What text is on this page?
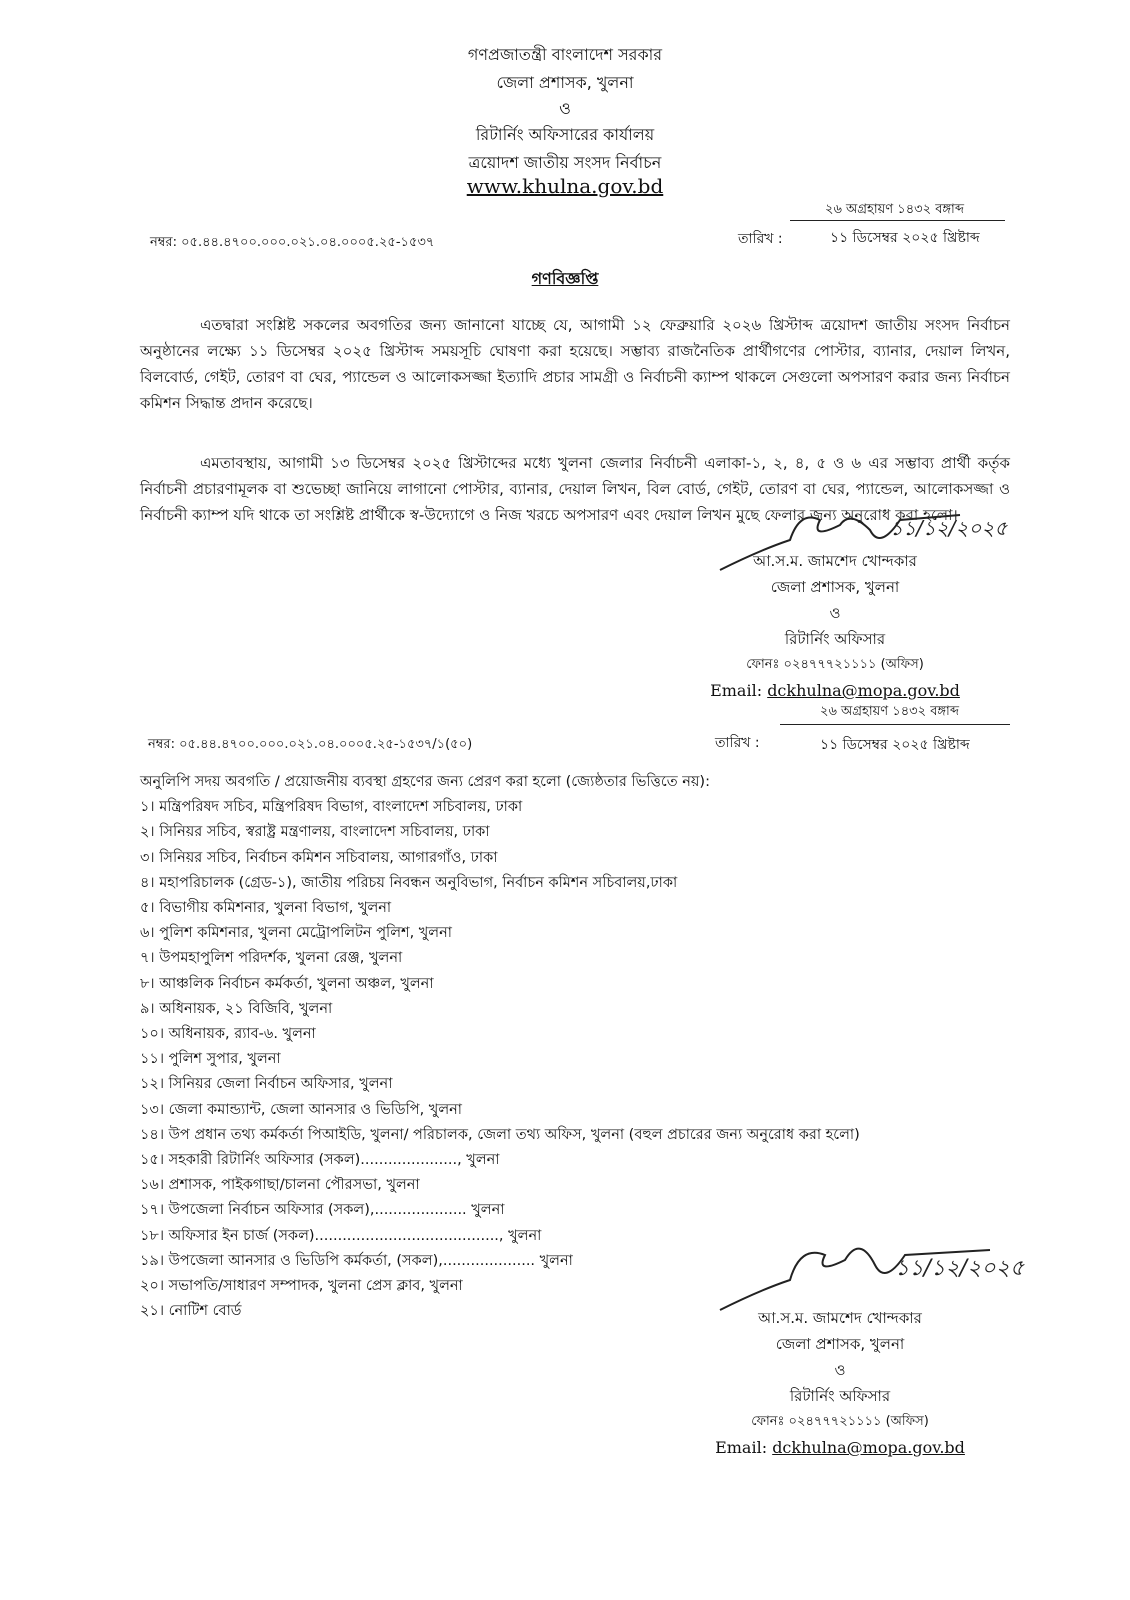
গণপ্রজাতন্ত্রী বাংলাদেশ সরকার
জেলা প্রশাসক, খুলনা
ও
রিটার্নিং অফিসারের কার্যালয়
ত্রয়োদশ জাতীয় সংসদ নির্বাচন
www.khulna.gov.bd
২৬ অগ্রহায়ণ ১৪৩২ বঙ্গাব্দ
নম্বর: ০৫.৪৪.৪৭০০.০০০.০২১.০৪.০০০৫.২৫-১৫৩৭	তারিখ :	১১ ডিসেম্বর ২০২৫ খ্রিষ্টাব্দ
গণবিজ্ঞপ্তি
এতদ্বারা সংশ্লিষ্ট সকলের অবগতির জন্য জানানো যাচ্ছে যে, আগামী ১২ ফেব্রুয়ারি ২০২৬ খ্রিস্টাব্দ ত্রয়োদশ জাতীয় সংসদ নির্বাচন অনুষ্ঠানের লক্ষ্যে ১১ ডিসেম্বর ২০২৫ খ্রিস্টাব্দ সময়সূচি ঘোষণা করা হয়েছে। সম্ভাব্য রাজনৈতিক প্রার্থীগণের পোস্টার, ব্যানার, দেয়াল লিখন, বিলবোর্ড, গেইট, তোরণ বা ঘের, প্যান্ডেল ও আলোকসজ্জা ইত্যাদি প্রচার সামগ্রী ও নির্বাচনী ক্যাম্প থাকলে সেগুলো অপসারণ করার জন্য নির্বাচন কমিশন সিদ্ধান্ত প্রদান করেছে।
এমতাবস্থায়, আগামী ১৩ ডিসেম্বর ২০২৫ খ্রিস্টাব্দের মধ্যে খুলনা জেলার নির্বাচনী এলাকা-১, ২, ৪, ৫ ও ৬ এর সম্ভাব্য প্রার্থী কর্তৃক নির্বাচনী প্রচারণামূলক বা শুভেচ্ছা জানিয়ে লাগানো পোস্টার, ব্যানার, দেয়াল লিখন, বিল বোর্ড, গেইট, তোরণ বা ঘের, প্যান্ডেল, আলোকসজ্জা ও নির্বাচনী ক্যাম্প যদি থাকে তা সংশ্লিষ্ট প্রার্থীকে স্ব-উদ্যোগে ও নিজ খরচে অপসারণ এবং দেয়াল লিখন মুছে ফেলার জন্য অনুরোধ করা হলো।
১১/১২/২০২৫
আ.স.ম. জামশেদ খোন্দকার
জেলা প্রশাসক, খুলনা
ও
রিটার্নিং অফিসার
ফোনঃ ০২৪৭৭৭২১১১১ (অফিস)
Email: dckhulna@mopa.gov.bd
২৬ অগ্রহায়ণ ১৪৩২ বঙ্গাব্দ
নম্বর: ০৫.৪৪.৪৭০০.০০০.০২১.০৪.০০০৫.২৫-১৫৩৭/১(৫০)	তারিখ :	১১ ডিসেম্বর ২০২৫ খ্রিষ্টাব্দ
অনুলিপি সদয় অবগতি / প্রয়োজনীয় ব্যবস্থা গ্রহণের জন্য প্রেরণ করা হলো (জ্যেষ্ঠতার ভিত্তিতে নয়):
১। মন্ত্রিপরিষদ সচিব, মন্ত্রিপরিষদ বিভাগ, বাংলাদেশ সচিবালয়, ঢাকা
২। সিনিয়র সচিব, স্বরাষ্ট্র মন্ত্রণালয়, বাংলাদেশ সচিবালয়, ঢাকা
৩। সিনিয়র সচিব, নির্বাচন কমিশন সচিবালয়, আগারগাঁও, ঢাকা
৪। মহাপরিচালক (গ্রেড-১), জাতীয় পরিচয় নিবন্ধন অনুবিভাগ, নির্বাচন কমিশন সচিবালয়,ঢাকা
৫। বিভাগীয় কমিশনার, খুলনা বিভাগ, খুলনা
৬। পুলিশ কমিশনার, খুলনা মেট্রোপলিটন পুলিশ, খুলনা
৭। উপমহাপুলিশ পরিদর্শক, খুলনা রেঞ্জ, খুলনা
৮। আঞ্চলিক নির্বাচন কর্মকর্তা, খুলনা অঞ্চল, খুলনা
৯। অধিনায়ক, ২১ বিজিবি, খুলনা
১০। অধিনায়ক, র‍্যাব-৬. খুলনা
১১। পুলিশ সুপার, খুলনা
১২। সিনিয়র জেলা নির্বাচন অফিসার, খুলনা
১৩। জেলা কমান্ড্যান্ট, জেলা আনসার ও ভিডিপি, খুলনা
১৪। উপ প্রধান তথ্য কর্মকর্তা পিআইডি, খুলনা/ পরিচালক, জেলা তথ্য অফিস, খুলনা (বহুল প্রচারের জন্য অনুরোধ করা হলো)
১৫। সহকারী রিটার্নিং অফিসার (সকল)....................., খুলনা
১৬। প্রশাসক, পাইকগাছা/চালনা পৌরসভা, খুলনা
১৭। উপজেলা নির্বাচন অফিসার (সকল),.................... খুলনা
১৮। অফিসার ইন চার্জ (সকল)........................................, খুলনা
১৯। উপজেলা আনসার ও ভিডিপি কর্মকর্তা, (সকল),.................... খুলনা
২০। সভাপতি/সাধারণ সম্পাদক, খুলনা প্রেস ক্লাব, খুলনা
২১। নোটিশ বোর্ড
১১/১২/২০২৫
আ.স.ম. জামশেদ খোন্দকার
জেলা প্রশাসক, খুলনা
ও
রিটার্নিং অফিসার
ফোনঃ ০২৪৭৭৭২১১১১ (অফিস)
Email: dckhulna@mopa.gov.bd
